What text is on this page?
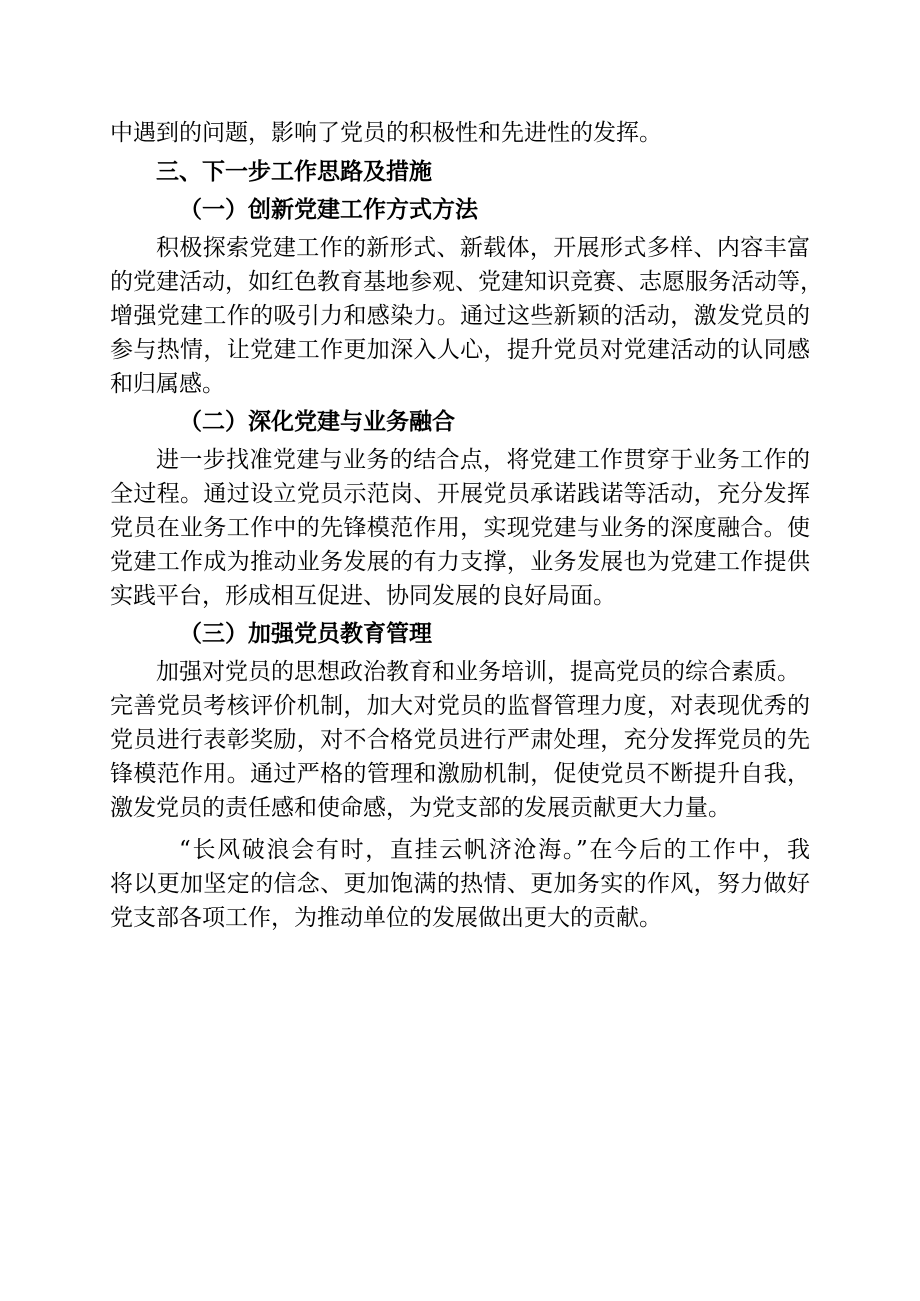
中遇到的问题，影响了党员的积极性和先进性的发挥。
三、下一步工作思路及措施
（一）创新党建工作方式方法
积极探索党建工作的新形式、新载体，开展形式多样、内容丰富
的党建活动，如红色教育基地参观、党建知识竞赛、志愿服务活动等，
增强党建工作的吸引力和感染力。通过这些新颖的活动，激发党员的
参与热情，让党建工作更加深入人心，提升党员对党建活动的认同感
和归属感。
（二）深化党建与业务融合
进一步找准党建与业务的结合点，将党建工作贯穿于业务工作的
全过程。通过设立党员示范岗、开展党员承诺践诺等活动，充分发挥
党员在业务工作中的先锋模范作用，实现党建与业务的深度融合。使
党建工作成为推动业务发展的有力支撑，业务发展也为党建工作提供
实践平台，形成相互促进、协同发展的良好局面。
（三）加强党员教育管理
加强对党员的思想政治教育和业务培训，提高党员的综合素质。
完善党员考核评价机制，加大对党员的监督管理力度，对表现优秀的
党员进行表彰奖励，对不合格党员进行严肃处理，充分发挥党员的先
锋模范作用。通过严格的管理和激励机制，促使党员不断提升自我，
激发党员的责任感和使命感，为党支部的发展贡献更大力量。
“长风破浪会有时，直挂云帆济沧海。”在今后的工作中，我
将以更加坚定的信念、更加饱满的热情、更加务实的作风，努力做好
党支部各项工作，为推动单位的发展做出更大的贡献。
